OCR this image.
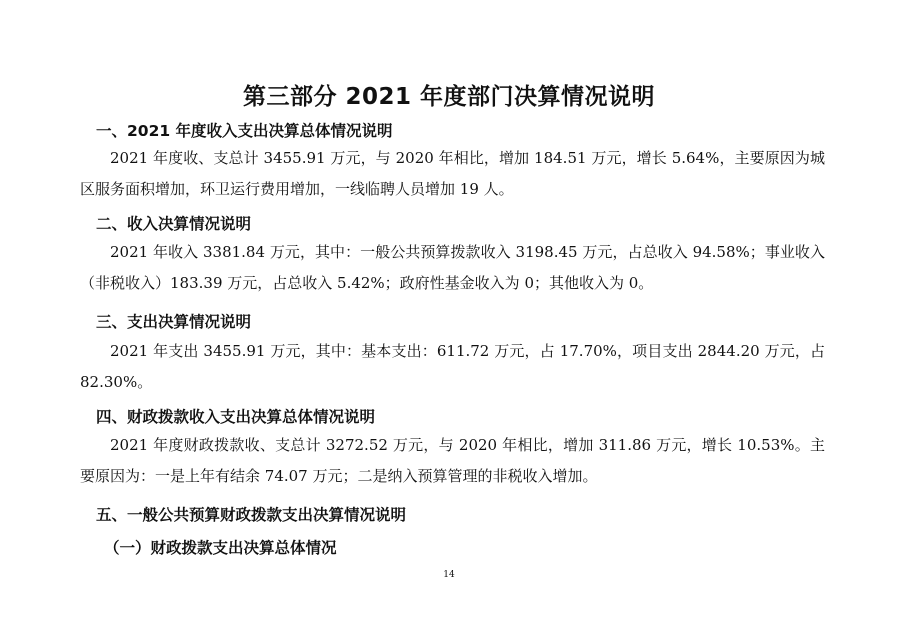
第三部分 2021 年度部门决算情况说明
一、2021 年度收入支出决算总体情况说明
2021 年度收、支总计 3455.91 万元，与 2020 年相比，增加 184.51 万元，增长 5.64%，主要原因为城区服务面积增加，环卫运行费用增加，一线临聘人员增加 19 人。
二、收入决算情况说明
2021 年收入 3381.84 万元，其中：一般公共预算拨款收入 3198.45 万元，占总收入 94.58%；事业收入（非税收入）183.39 万元，占总收入 5.42%；政府性基金收入为 0；其他收入为 0。
三、支出决算情况说明
2021 年支出 3455.91 万元，其中：基本支出：611.72 万元，占 17.70%，项目支出 2844.20 万元，占 82.30%。
四、财政拨款收入支出决算总体情况说明
2021 年度财政拨款收、支总计 3272.52 万元，与 2020 年相比，增加 311.86 万元，增长 10.53%。主要原因为：一是上年有结余 74.07 万元；二是纳入预算管理的非税收入增加。
五、一般公共预算财政拨款支出决算情况说明
（一）财政拨款支出决算总体情况
14
